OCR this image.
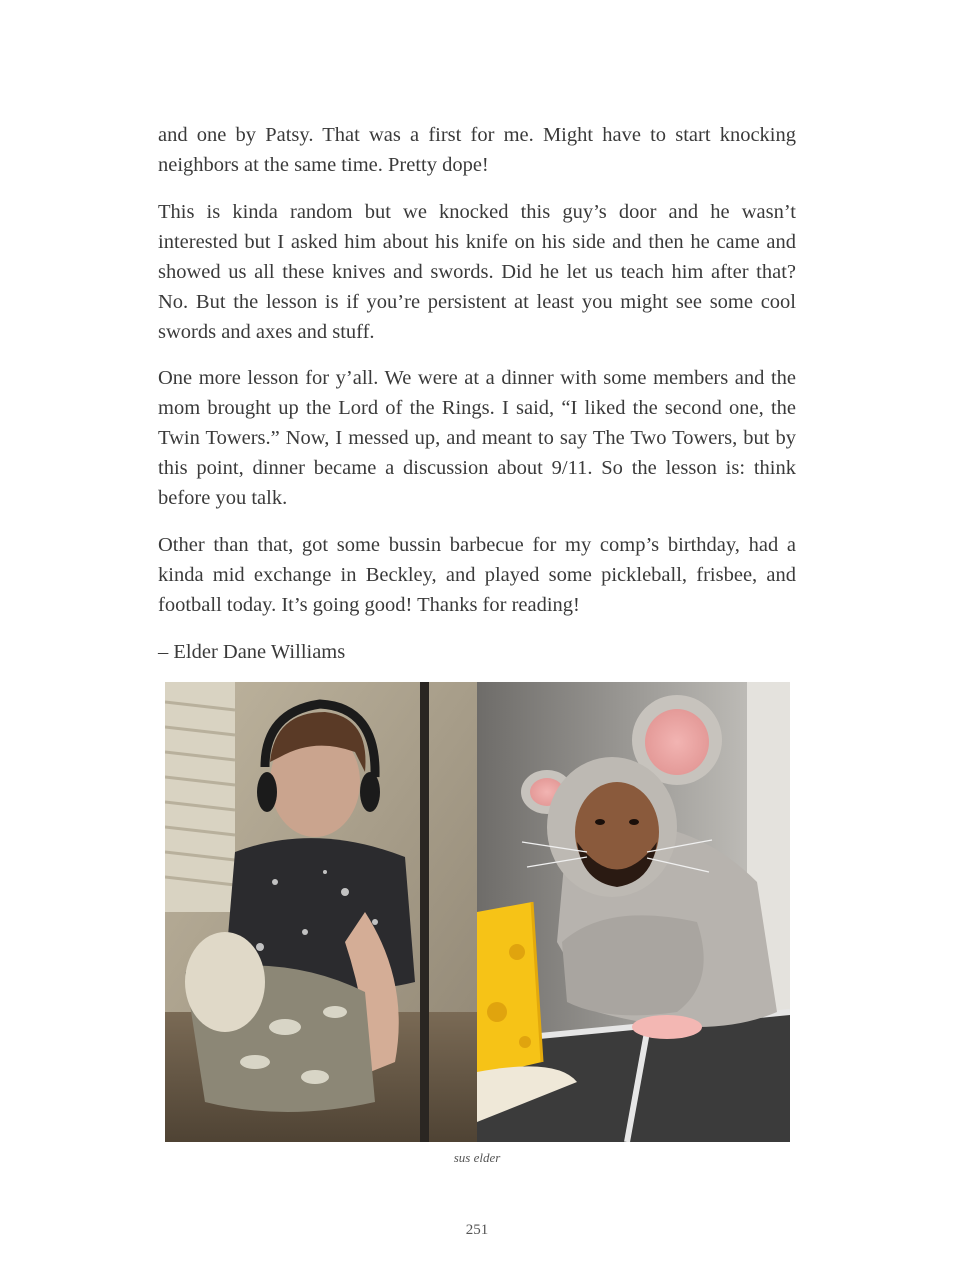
and one by Patsy. That was a first for me. Might have to start knocking neighbors at the same time. Pretty dope!

This is kinda random but we knocked this guy’s door and he wasn’t interested but I asked him about his knife on his side and then he came and showed us all these knives and swords. Did he let us teach him after that? No. But the lesson is if you’re persistent at least you might see some cool swords and axes and stuff.

One more lesson for y’all. We were at a dinner with some members and the mom brought up the Lord of the Rings. I said, “I liked the second one, the Twin Towers.” Now, I messed up, and meant to say The Two Towers, but by this point, dinner became a discussion about 9/11. So the lesson is: think before you talk.

Other than that, got some bussin barbecue for my comp’s birthday, had a kinda mid exchange in Beckley, and played some pickleball, frisbee, and football today. It’s going good! Thanks for reading!

– Elder Dane Williams

sus elder
251
